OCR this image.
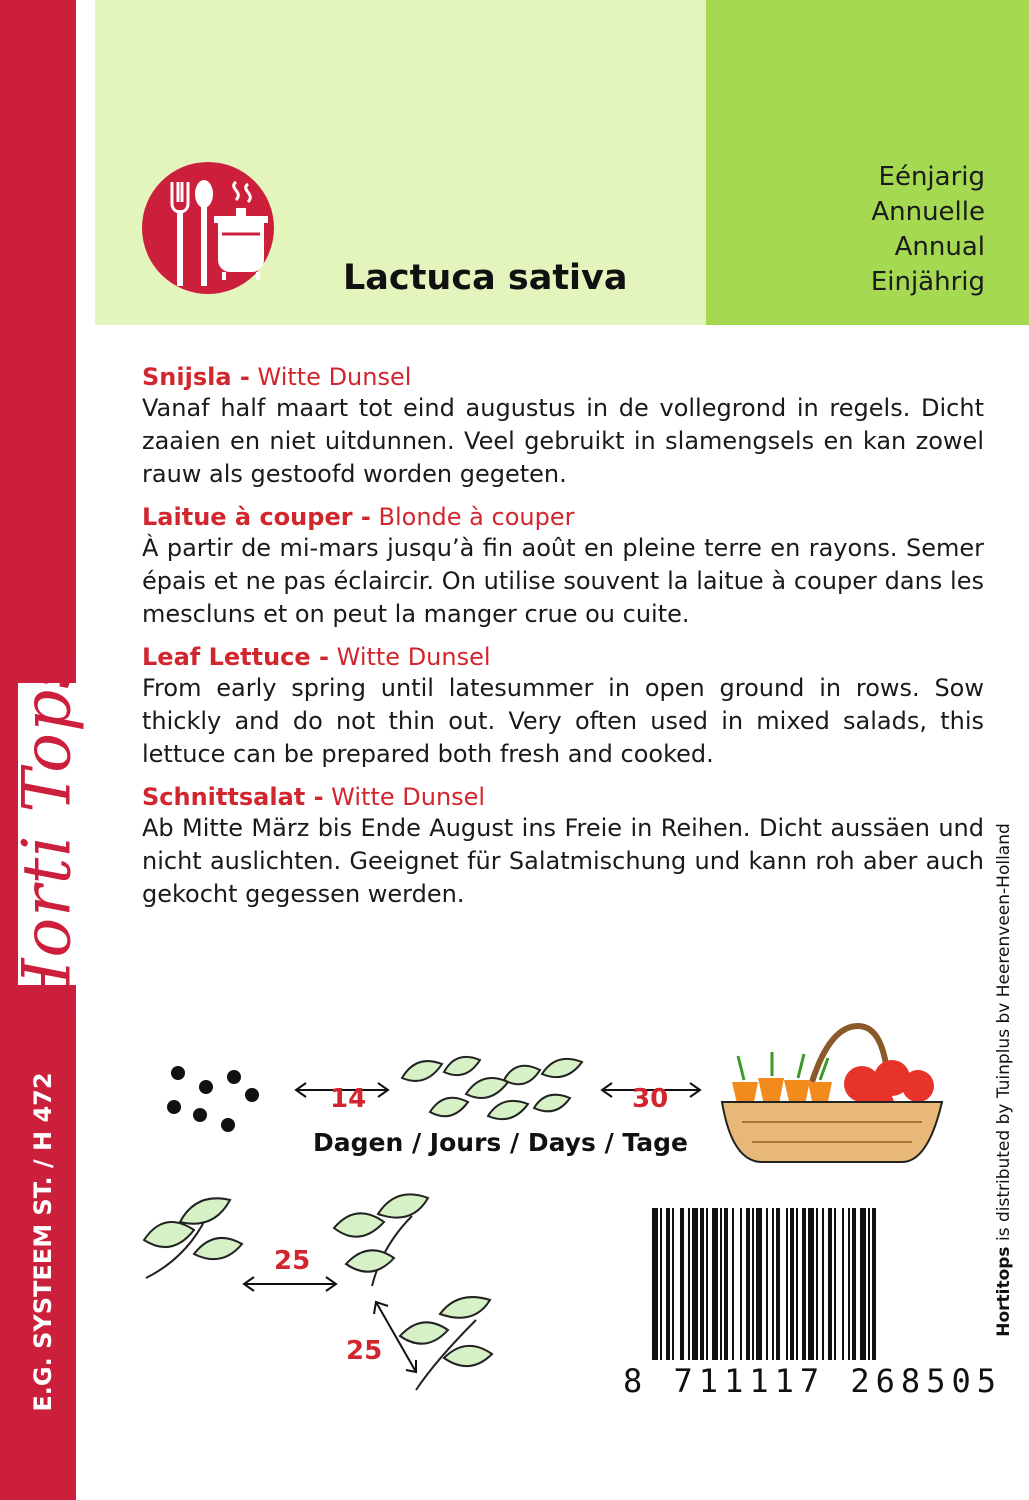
Horti Tops
E.G. SYSTEEM ST. / H 472
Eénjarig
Annuelle
Annual
Einjährig
Lactuca sativa
Snijsla - Witte Dunsel

Vanaf half maart tot eind augustus in de vollegrond in regels. Dicht zaaien en niet uitdunnen. Veel gebruikt in slamengsels en kan zowel rauw als gestoofd worden gegeten.

Laitue à couper - Blonde à couper

À partir de mi-mars jusqu’à fin août en pleine terre en rayons. Semer épais et ne pas éclaircir. On utilise souvent la laitue à couper dans les mescluns et on peut la manger crue ou cuite.

Leaf Lettuce - Witte Dunsel

From early spring until latesummer in open ground in rows. Sow thickly and do not thin out. Very often used in mixed salads, this lettuce can be prepared both fresh and cooked.

Schnittsalat - Witte Dunsel

Ab Mitte März bis Ende August ins Freie in Reihen. Dicht aussäen und nicht auslichten. Geeignet für Salatmischung und kann roh aber auch gekocht gegessen werden.

Hortitops is distributed by Tuinplus bv Heerenveen-Holland
14	30
Dagen / Jours / Days / Tage
25
25
8 711117 268505
